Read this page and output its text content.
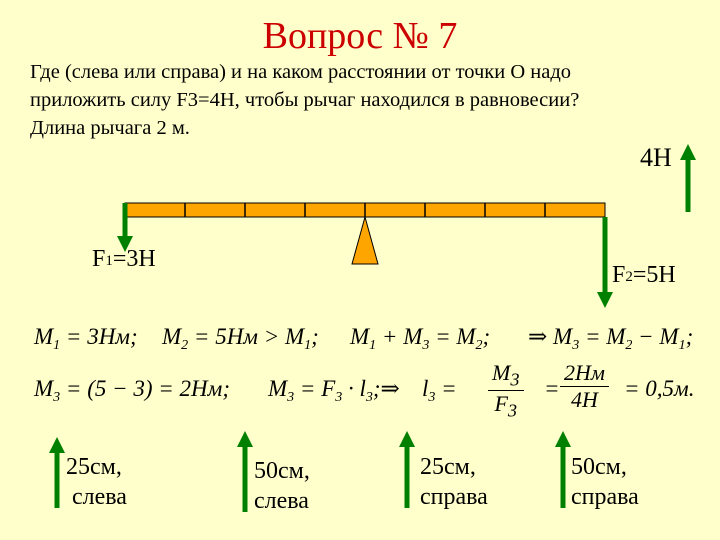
Вопрос № 7
Где (слева или справа) и на каком расстоянии от точки О надо
приложить силу F3=4Н, чтобы рычаг находился в равновесии?
Длина рычага 2 м.
4Н
$F_1=3Н$
$F_2=5Н$
$M_1 = 3Нм$; $M_2 = 5Нм > M_1$; $M_1 + M_3 = M_2$; ⇒ $M_3 = M_2 - M_1$;
$M_3 = (5 - 3) = 2Нм$; $M_3 = F_3$ · $l_3;\Rightarrow$ $l_3 = \frac{M_3}{F_3}$ =
2Нм
4Н	= 0,5м.
25см,
слева
50см,
слева
25см,
справа
50см,
справа
